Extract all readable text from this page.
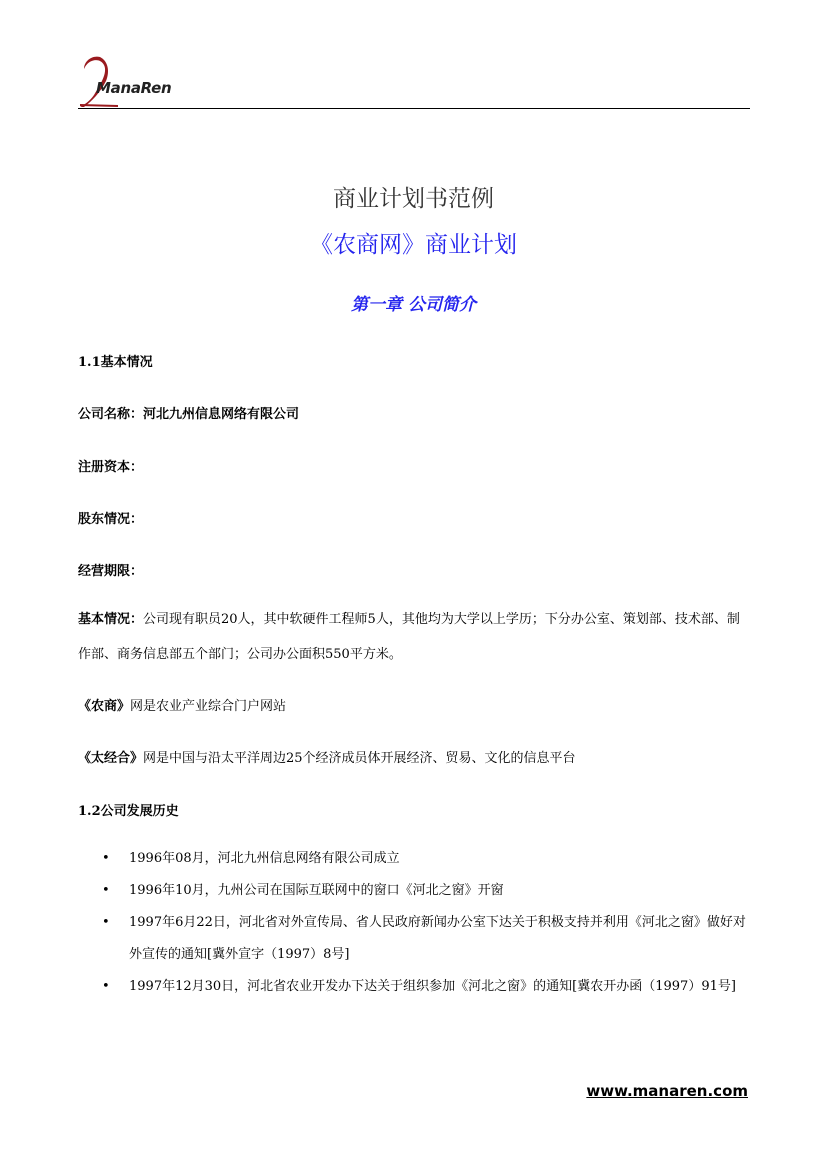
ManaRen
商业计划书范例
《农商网》商业计划
第一章 公司简介
1.1基本情况
公司名称：河北九州信息网络有限公司
注册资本：
股东情况：
经营期限：
基本情况：公司现有职员20人，其中软硬件工程师5人，其他均为大学以上学历；下分办公室、策划部、技术部、制作部、商务信息部五个部门；公司办公面积550平方米。
《农商》网是农业产业综合门户网站
《太经合》网是中国与沿太平洋周边25个经济成员体开展经济、贸易、文化的信息平台
1.2公司发展历史
• 1996年08月，河北九州信息网络有限公司成立
• 1996年10月，九州公司在国际互联网中的窗口《河北之窗》开窗
• 1997年6月22日，河北省对外宣传局、省人民政府新闻办公室下达关于积极支持并利用《河北之窗》做好对外宣传的通知[冀外宣字（1997）8号]
• 1997年12月30日，河北省农业开发办下达关于组织参加《河北之窗》的通知[冀农开办函（1997）91号]
www.manaren.com
